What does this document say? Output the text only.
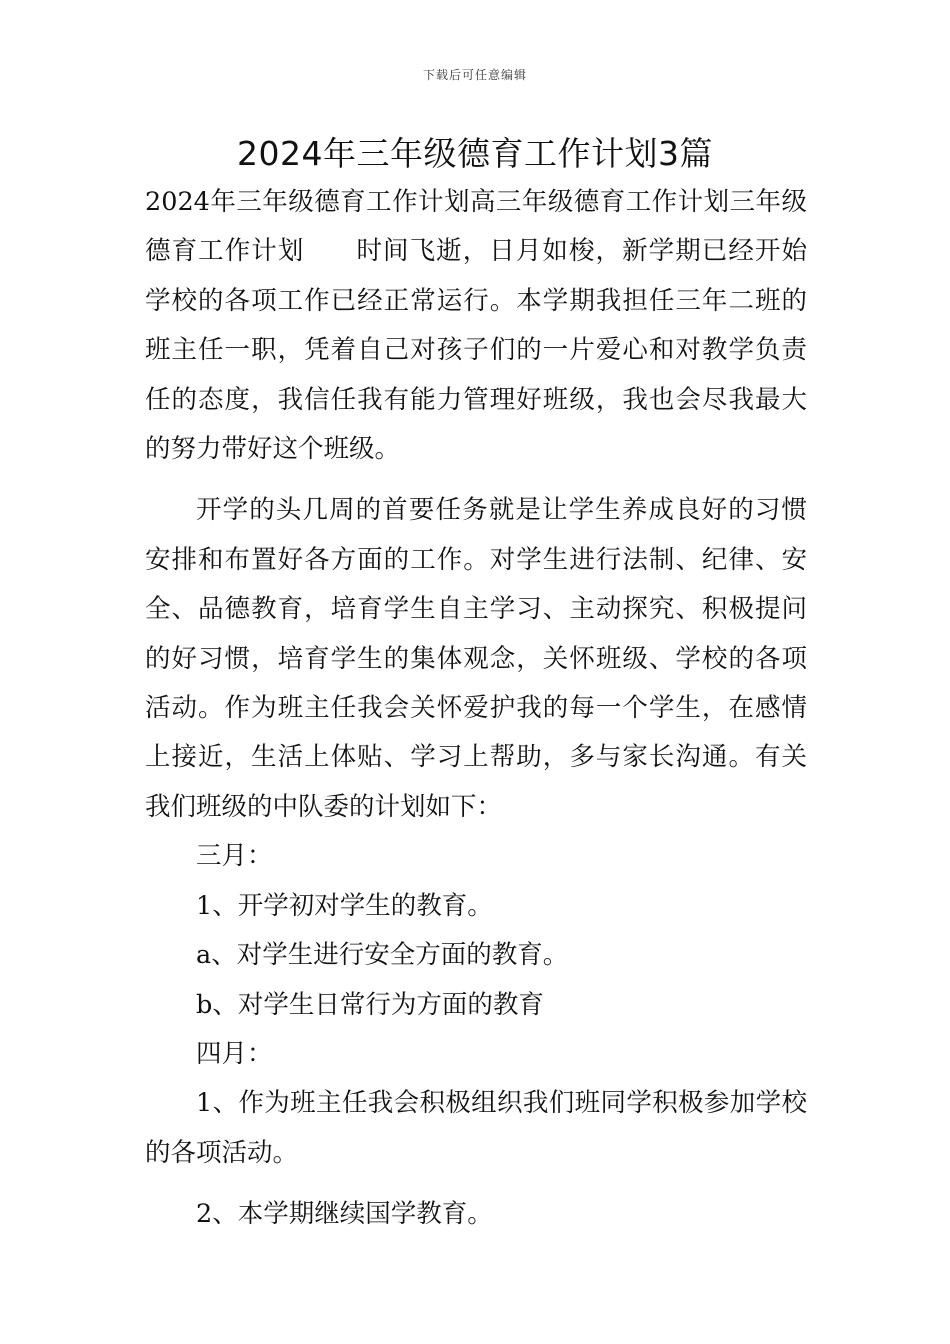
下载后可任意编辑
2024年三年级德育工作计划3篇

2024年三年级德育工作计划高三年级德育工作计划三年级德育工作计划   时间飞逝，日月如梭，新学期已经开始学校的各项工作已经正常运行。本学期我担任三年二班的班主任一职，凭着自己对孩子们的一片爱心和对教学负责任的态度，我信任我有能力管理好班级，我也会尽我最大的努力带好这个班级。

开学的头几周的首要任务就是让学生养成良好的习惯安排和布置好各方面的工作。对学生进行法制、纪律、安全、品德教育，培育学生自主学习、主动探究、积极提问的好习惯，培育学生的集体观念，关怀班级、学校的各项活动。作为班主任我会关怀爱护我的每一个学生，在感情上接近，生活上体贴、学习上帮助，多与家长沟通。有关我们班级的中队委的计划如下：

三月：

1、开学初对学生的教育。

a、对学生进行安全方面的教育。

b、对学生日常行为方面的教育

四月：

1、作为班主任我会积极组织我们班同学积极参加学校的各项活动。

2、本学期继续国学教育。
